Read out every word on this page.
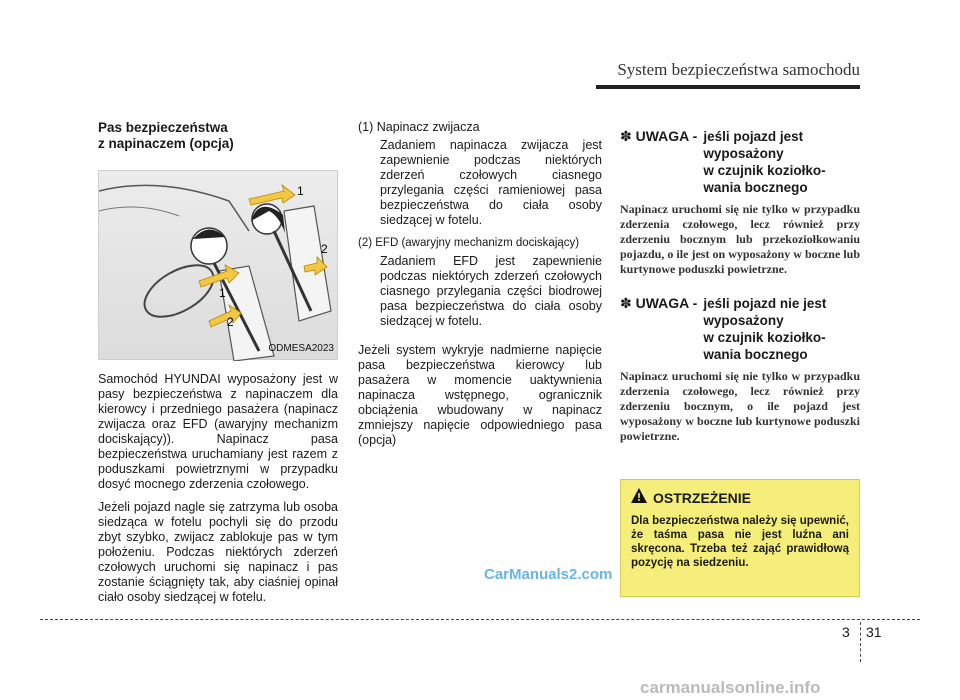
System bezpieczeństwa samochodu
Pas bezpieczeństwa
z napinaczem (opcja)
1
2
1
2
ODMESA2023

Samochód HYUNDAI wyposażony jest w pasy bezpieczeństwa z napinaczem dla kierowcy i przedniego pasażera (napinacz zwijacza oraz EFD (awaryjny mechanizm dociskający)). Napinacz pasa bezpieczeństwa uruchamiany jest razem z poduszkami powietrznymi w przypadku dosyć mocnego zderzenia czołowego.

Jeżeli pojazd nagle się zatrzyma lub osoba siedząca w fotelu pochyli się do przodu zbyt szybko, zwijacz zablokuje pas w tym położeniu. Podczas niektórych zderzeń czołowych uruchomi się napinacz i pas zostanie ściągnięty tak, aby ciaśniej opinał ciało osoby siedzącej w fotelu.

(1) Napinacz zwijacza
Zadaniem napinacza zwijacza jest zapewnienie podczas niektórych zderzeń czołowych ciasnego przylegania części ramieniowej pasa bezpieczeństwa do ciała osoby siedzącej w fotelu.
(2) EFD (awaryjny mechanizm dociskający)
Zadaniem EFD jest zapewnienie podczas niektórych zderzeń czołowych ciasnego przylegania części biodrowej pasa bezpieczeństwa do ciała osoby siedzącej w fotelu.

Jeżeli system wykryje nadmierne napięcie pasa bezpieczeństwa kierowcy lub pasażera w momencie uaktywnienia napinacza wstępnego, ogranicznik obciążenia wbudowany w napinacz zmniejszy napięcie odpowiedniego pasa (opcja)

✽ UWAGA - jeśli pojazd jest
wyposażony
w czujnik koziołko-
wania bocznego
Napinacz uruchomi się nie tylko w przypadku zderzenia czołowego, lecz również przy zderzeniu bocznym lub przekoziołkowaniu pojazdu, o ile jest on wyposażony w boczne lub kurtynowe poduszki powietrzne.
✽ UWAGA - jeśli pojazd nie jest
wyposażony
w czujnik koziołko-
wania bocznego
Napinacz uruchomi się nie tylko w przypadku zderzenia czołowego, lecz również przy zderzeniu bocznym, o ile pojazd jest wyposażony w boczne lub kurtynowe poduszki powietrzne.
OSTRZEŻENIE
Dla bezpieczeństwa należy się upewnić, że taśma pasa nie jest luźna ani skręcona. Trzeba też zająć prawidłową pozycję na siedzeniu.
CarManuals2.com
3 31
carmanualsonline.info
